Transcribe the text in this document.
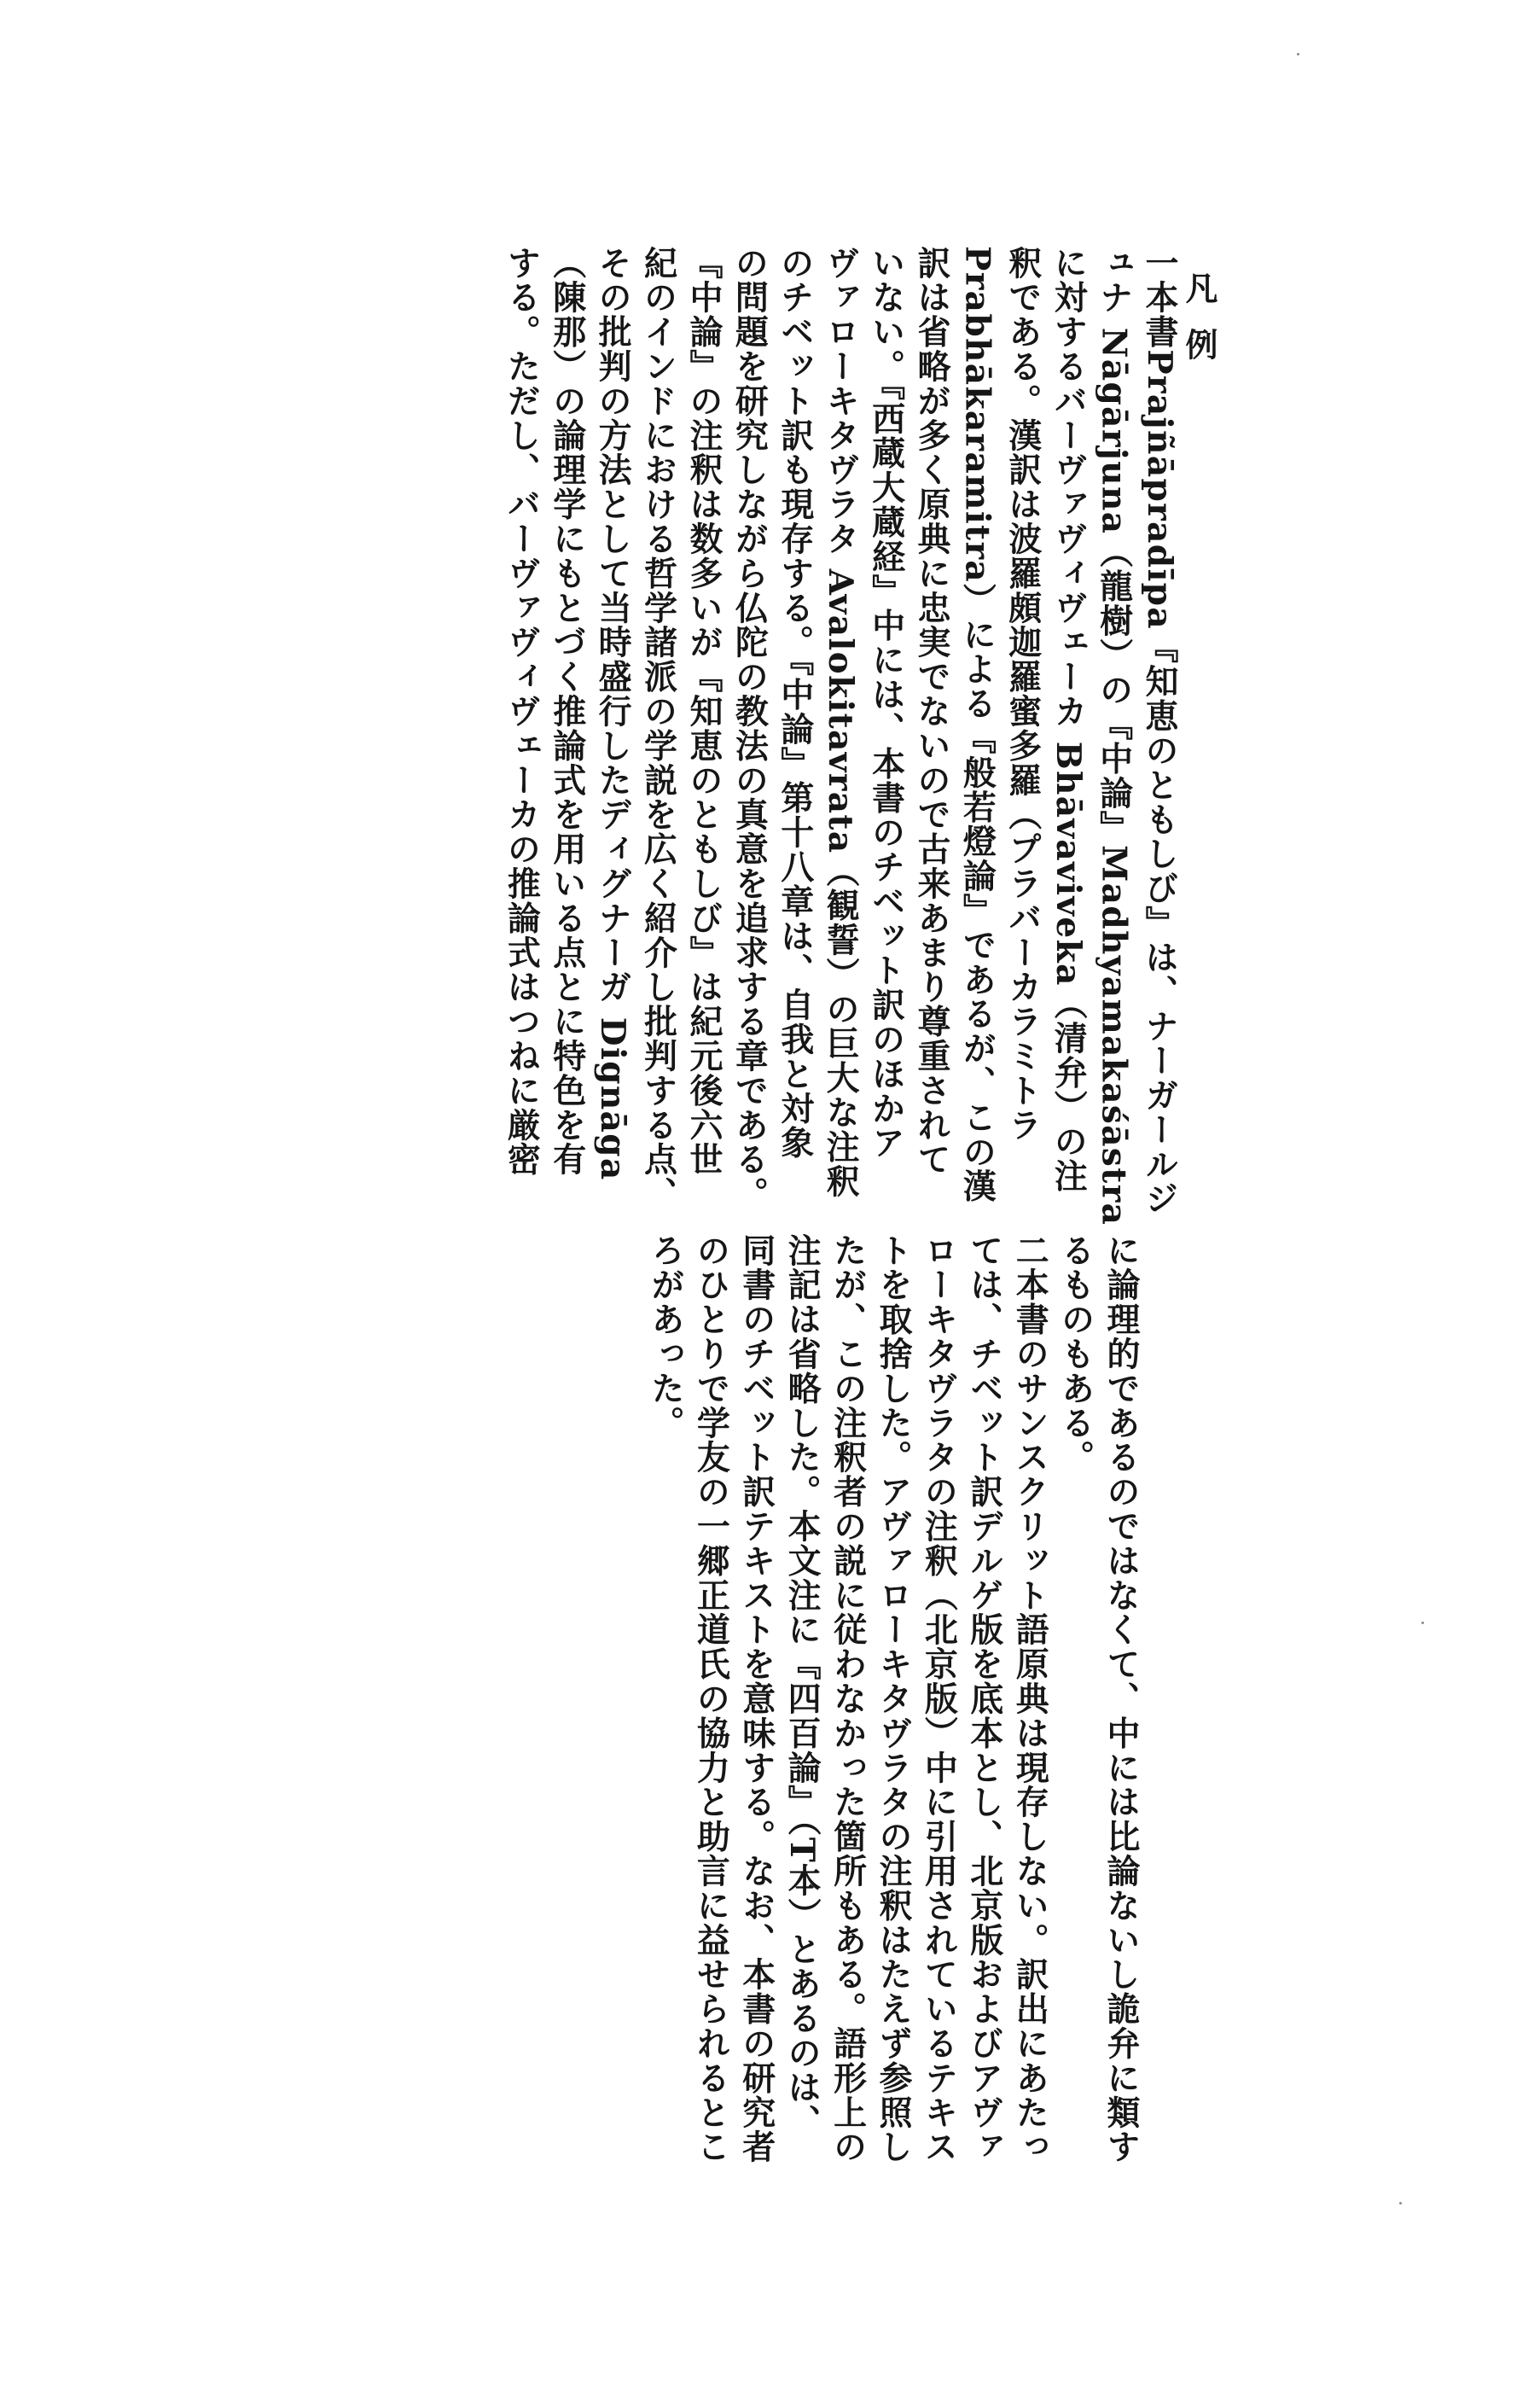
凡例
一本書Prajñāpradīpa『知恵のともしび』は、ナーガールジ
ュナ Nāgārjuna（龍樹）の『中論』Madhyamakaśāstra
に対するバーヴァヴィヴェーカ Bhāvaviveka（清弁）の注
釈である。漢訳は波羅頗迦羅蜜多羅（プラバーカラミトラ
Prabhākaramitra）による『般若燈論』であるが、この漢
訳は省略が多く原典に忠実でないので古来あまり尊重されて
いない。『西蔵大蔵経』中には、本書のチベット訳のほかア
ヴァローキタヴラタ Avalokitavrata（観誓）の巨大な注釈
のチベット訳も現存する。『中論』第十八章は、自我と対象
の問題を研究しながら仏陀の教法の真意を追求する章である。
『中論』の注釈は数多いが『知恵のともしび』は紀元後六世
紀のインドにおける哲学諸派の学説を広く紹介し批判する点、
その批判の方法として当時盛行したディグナーガ Dignāga
（陳那）の論理学にもとづく推論式を用いる点とに特色を有
する。ただし、バーヴァヴィヴェーカの推論式はつねに厳密
に論理的であるのではなくて、中には比論ないし詭弁に類す
るものもある。
二本書のサンスクリット語原典は現存しない。訳出にあたっ
ては、チベット訳デルゲ版を底本とし、北京版およびアヴァ
ローキタヴラタの注釈（北京版）中に引用されているテキス
トを取捨した。アヴァローキタヴラタの注釈はたえず参照し
たが、この注釈者の説に従わなかった箇所もある。語形上の
注記は省略した。本文注に『四百論』（T本）とあるのは、
同書のチベット訳テキストを意味する。なお、本書の研究者
のひとりで学友の一郷正道氏の協力と助言に益せられるとこ
ろがあった。
